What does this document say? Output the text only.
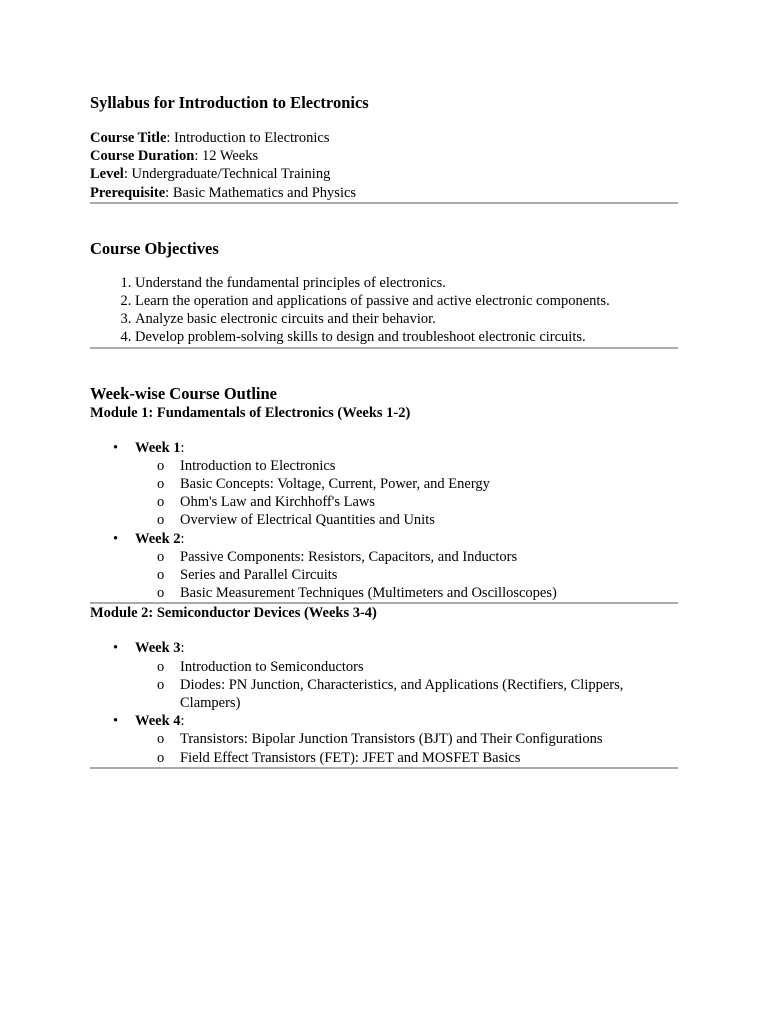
Syllabus for Introduction to Electronics
Course Title: Introduction to Electronics
Course Duration: 12 Weeks
Level: Undergraduate/Technical Training
Prerequisite: Basic Mathematics and Physics
Course Objectives
1. Understand the fundamental principles of electronics.
2. Learn the operation and applications of passive and active electronic components.
3. Analyze basic electronic circuits and their behavior.
4. Develop problem-solving skills to design and troubleshoot electronic circuits.
Week-wise Course Outline
Module 1: Fundamentals of Electronics (Weeks 1-2)
• Week 1:
o Introduction to Electronics
o Basic Concepts: Voltage, Current, Power, and Energy
o Ohm's Law and Kirchhoff's Laws
o Overview of Electrical Quantities and Units
• Week 2:
o Passive Components: Resistors, Capacitors, and Inductors
o Series and Parallel Circuits
o Basic Measurement Techniques (Multimeters and Oscilloscopes)
Module 2: Semiconductor Devices (Weeks 3-4)
• Week 3:
o Introduction to Semiconductors
o Diodes: PN Junction, Characteristics, and Applications (Rectifiers, Clippers, Clampers)
• Week 4:
o Transistors: Bipolar Junction Transistors (BJT) and Their Configurations
o Field Effect Transistors (FET): JFET and MOSFET Basics
